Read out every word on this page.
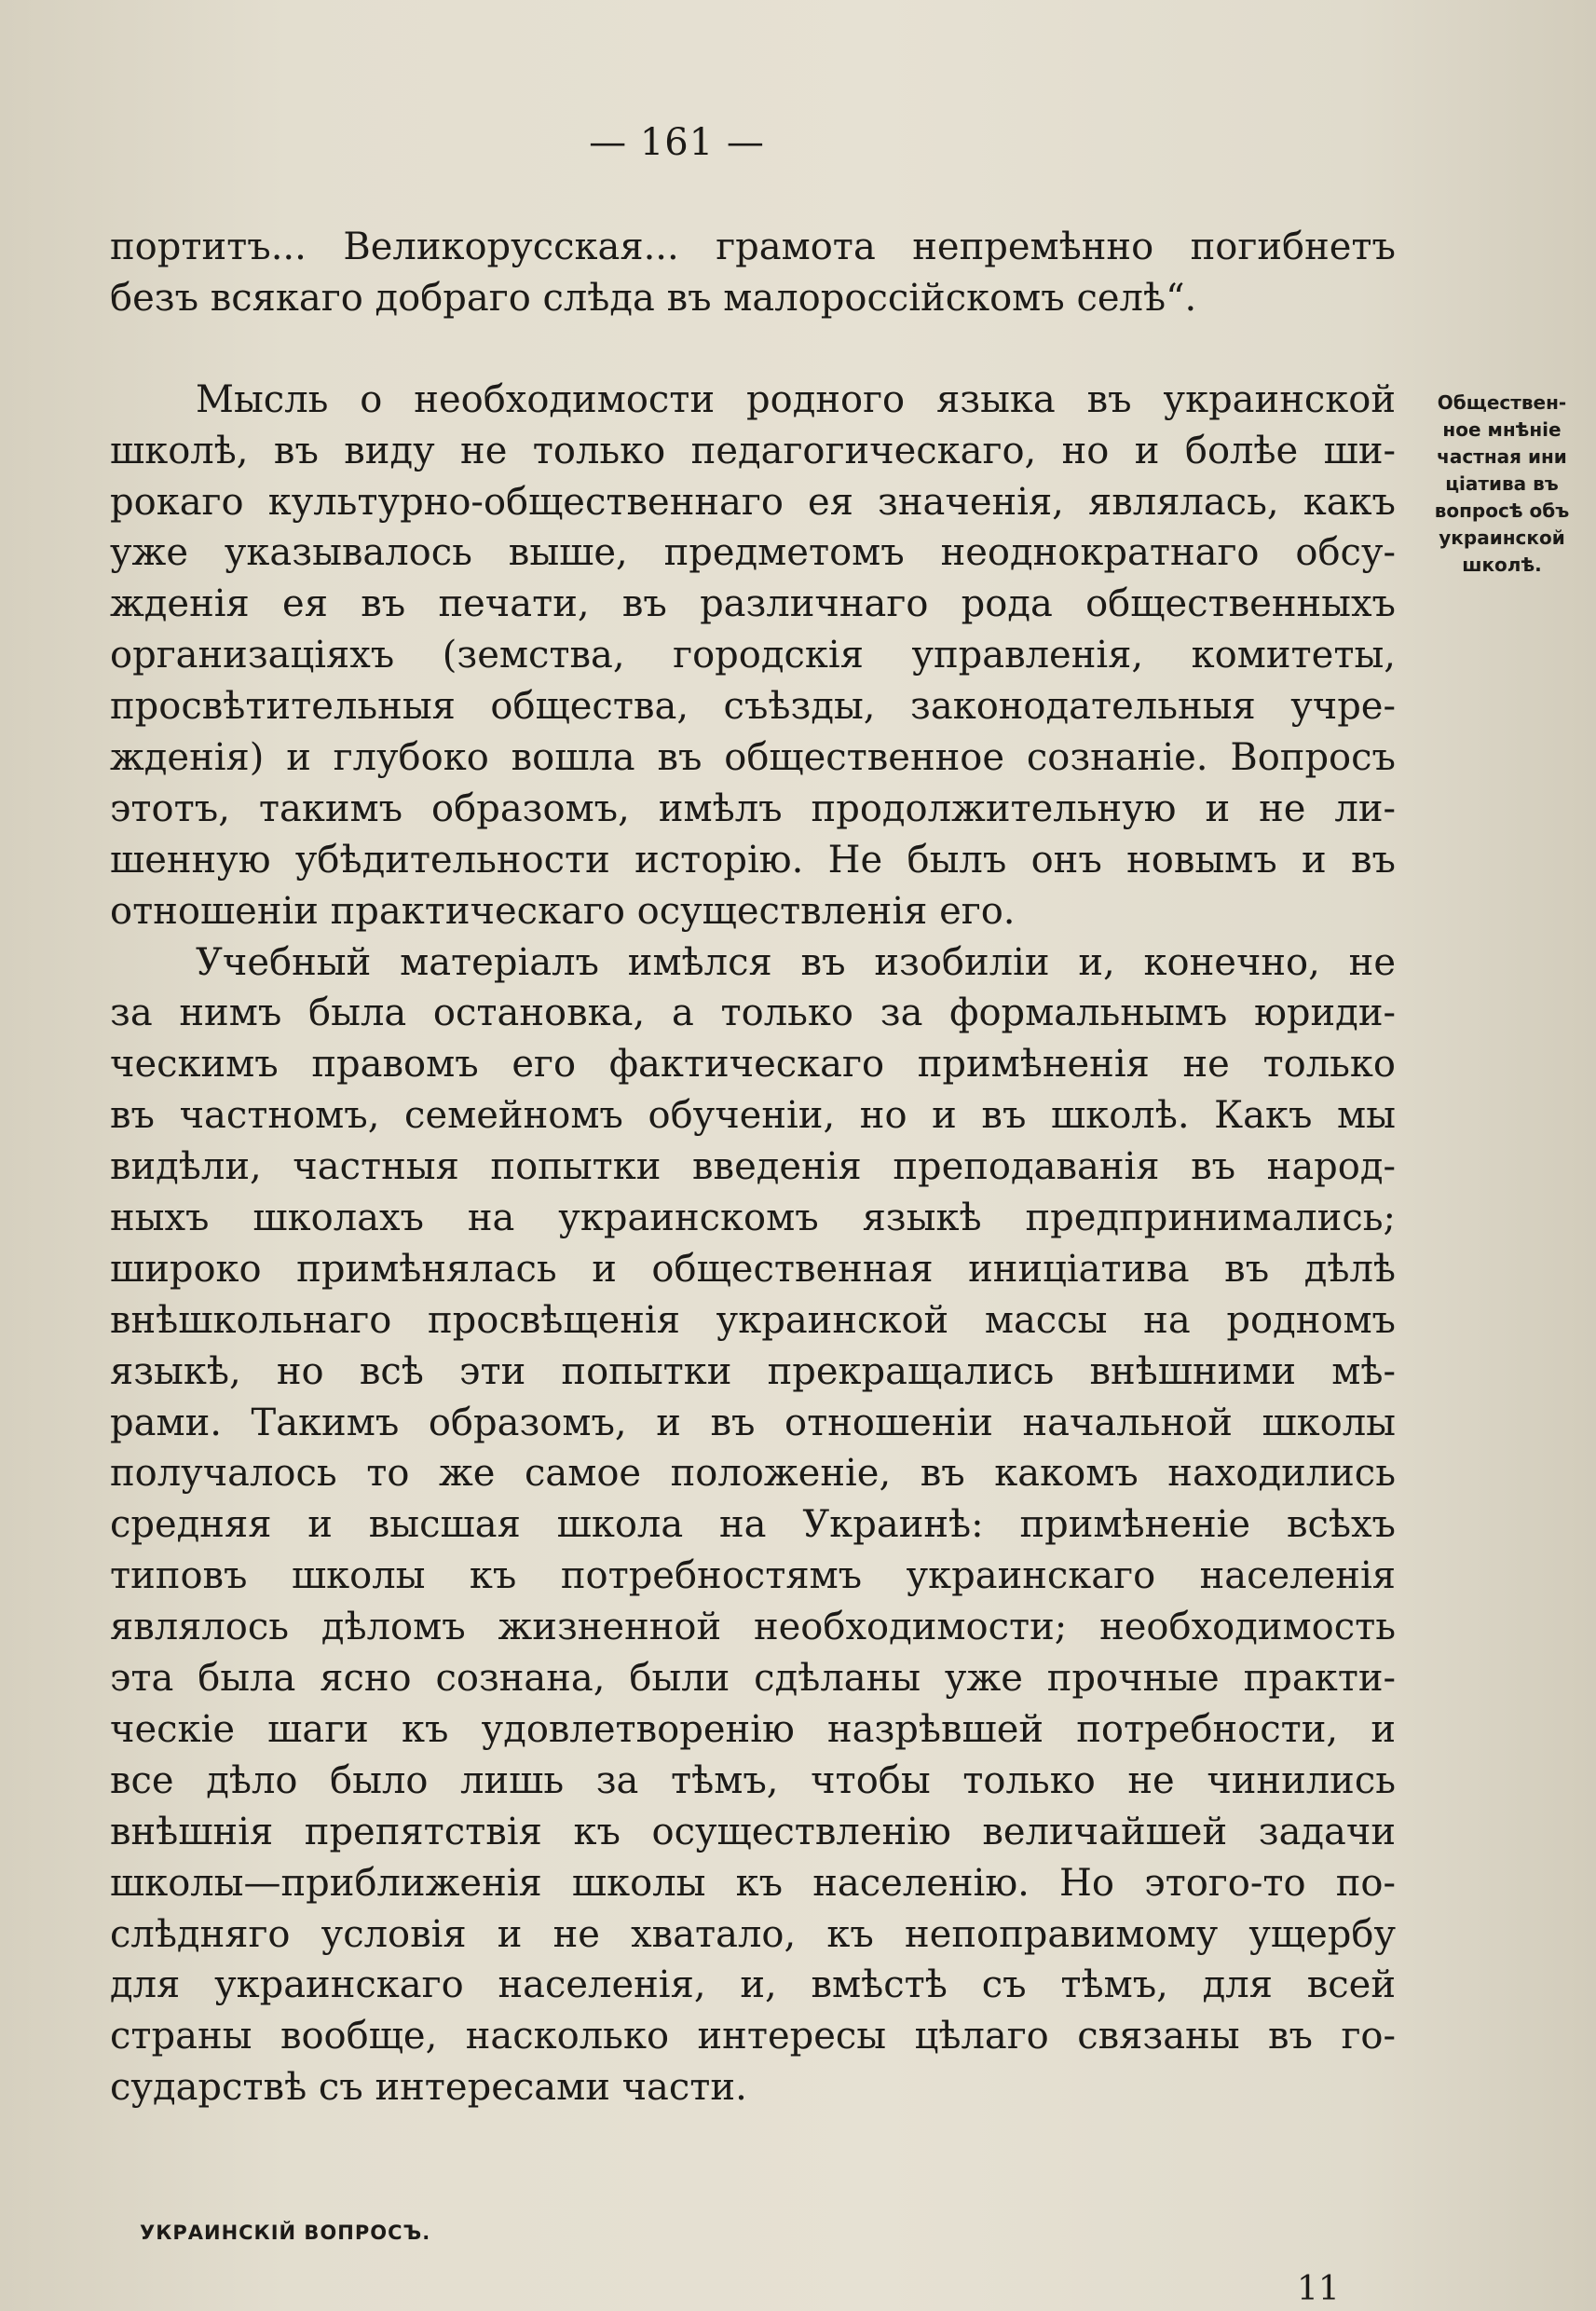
— 161 —
портитъ... Великорусская... грамота непремѣнно погибнетъ
безъ всякаго добраго слѣда въ малороссійскомъ селѣ“.
Мысль о необходимости родного языка въ украинской
школѣ, въ виду не только педагогическаго, но и болѣе ши-
рокаго культурно-общественнаго ея значенія, являлась, какъ
уже указывалось выше, предметомъ неоднократнаго обсу-
жденія ея въ печати, въ различнаго рода общественныхъ
организаціяхъ (земства, городскія управленія, комитеты,
просвѣтительныя общества, съѣзды, законодательныя учре-
жденія) и глубоко вошла въ общественное сознаніе. Вопросъ
этотъ, такимъ образомъ, имѣлъ продолжительную и не ли-
шенную убѣдительности исторію. Не былъ онъ новымъ и въ
отношеніи практическаго осуществленія его.
Учебный матеріалъ имѣлся въ изобиліи и, конечно, не
за нимъ была остановка, а только за формальнымъ юриди-
ческимъ правомъ его фактическаго примѣненія не только
въ частномъ, семейномъ обученіи, но и въ школѣ. Какъ мы
видѣли, частныя попытки введенія преподаванія въ народ-
ныхъ школахъ на украинскомъ языкѣ предпринимались;
широко примѣнялась и общественная иниціатива въ дѣлѣ
внѣшкольнаго просвѣщенія украинской массы на родномъ
языкѣ, но всѣ эти попытки прекращались внѣшними мѣ-
рами. Такимъ образомъ, и въ отношеніи начальной школы
получалось то же самое положеніе, въ какомъ находились
средняя и высшая школа на Украинѣ: примѣненіе всѣхъ
типовъ школы къ потребностямъ украинскаго населенія
являлось дѣломъ жизненной необходимости; необходимость
эта была ясно сознана, были сдѣланы уже прочные практи-
ческіе шаги къ удовлетворенію назрѣвшей потребности, и
все дѣло было лишь за тѣмъ, чтобы только не чинились
внѣшнія препятствія къ осуществленію величайшей задачи
школы—приближенія школы къ населенію. Но этого-то по-
слѣдняго условія и не хватало, къ непоправимому ущербу
для украинскаго населенія, и, вмѣстѣ съ тѣмъ, для всей
страны вообще, насколько интересы цѣлаго связаны въ го-
сударствѣ съ интересами части.
Обществен-
ное мнѣніе
частная ини
ціатива въ
вопросѣ объ
украинской
школѣ.
УКРАИНСКІЙ ВОПРОСЪ.
11
